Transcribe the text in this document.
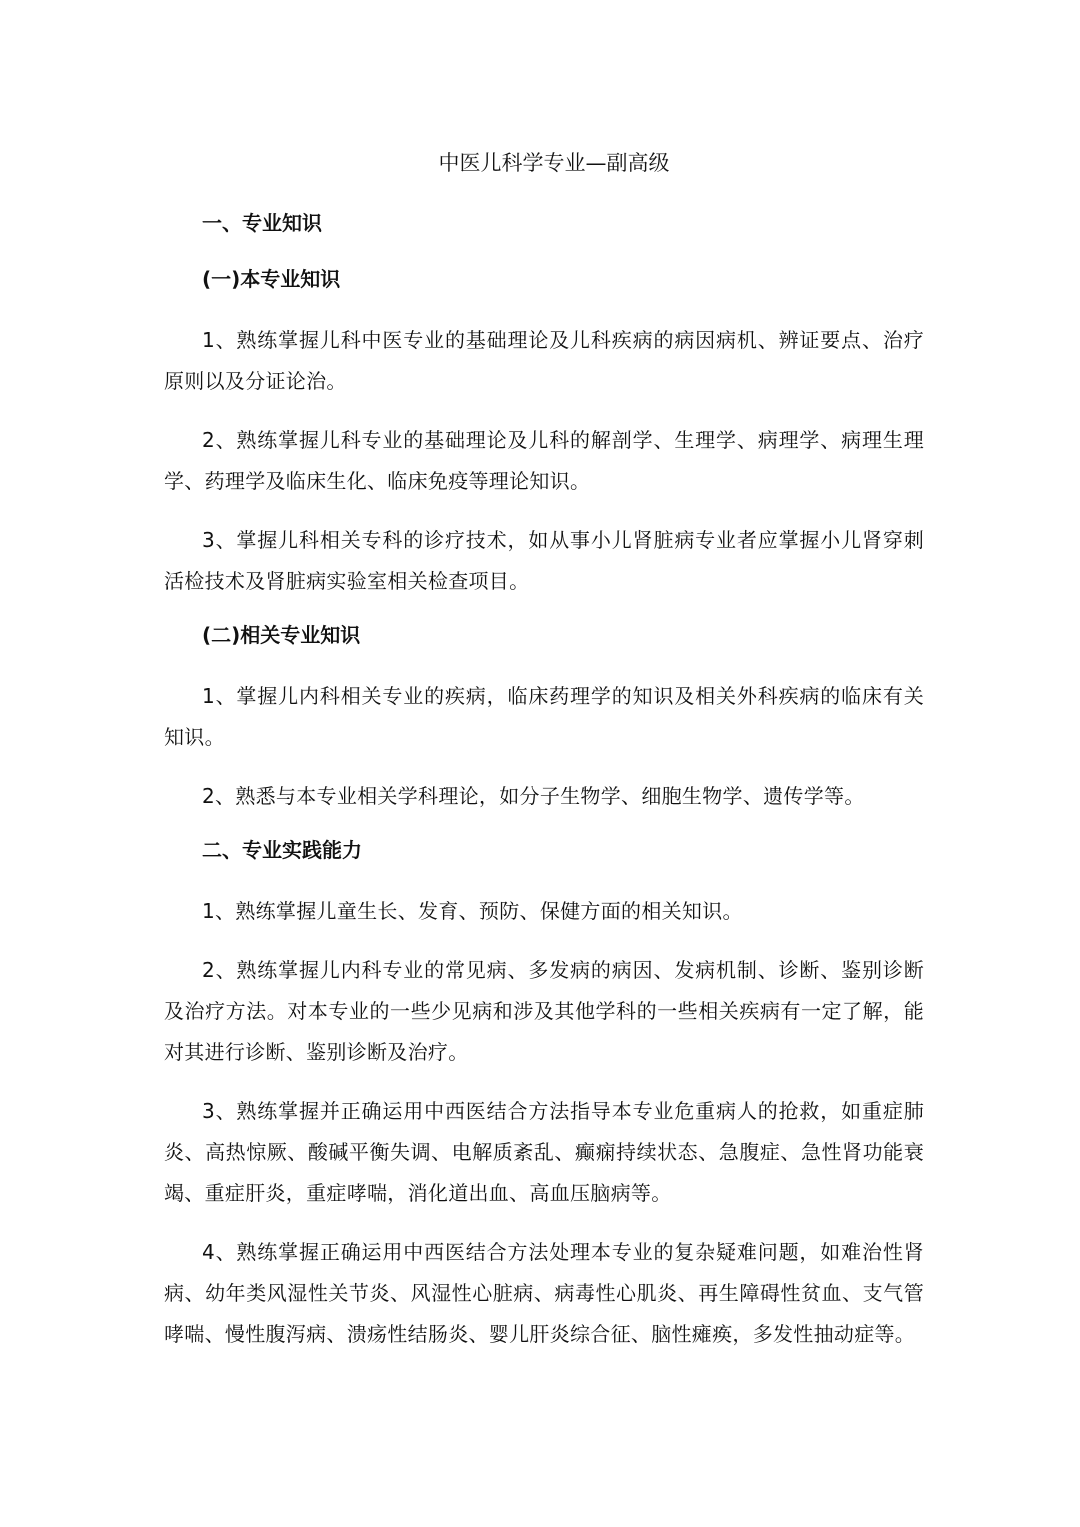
中医儿科学专业—副高级
一、专业知识
(一)本专业知识

1、熟练掌握儿科中医专业的基础理论及儿科疾病的病因病机、辨证要点、治疗原则以及分证论治。

2、熟练掌握儿科专业的基础理论及儿科的解剖学、生理学、病理学、病理生理学、药理学及临床生化、临床免疫等理论知识。

3、掌握儿科相关专科的诊疗技术，如从事小儿肾脏病专业者应掌握小儿肾穿刺活检技术及肾脏病实验室相关检查项目。

(二)相关专业知识

1、掌握儿内科相关专业的疾病，临床药理学的知识及相关外科疾病的临床有关知识。

2、熟悉与本专业相关学科理论，如分子生物学、细胞生物学、遗传学等。

二、专业实践能力

1、熟练掌握儿童生长、发育、预防、保健方面的相关知识。

2、熟练掌握儿内科专业的常见病、多发病的病因、发病机制、诊断、鉴别诊断及治疗方法。对本专业的一些少见病和涉及其他学科的一些相关疾病有一定了解，能对其进行诊断、鉴别诊断及治疗。

3、熟练掌握并正确运用中西医结合方法指导本专业危重病人的抢救，如重症肺炎、高热惊厥、酸碱平衡失调、电解质紊乱、癫痫持续状态、急腹症、急性肾功能衰竭、重症肝炎，重症哮喘，消化道出血、高血压脑病等。

4、熟练掌握正确运用中西医结合方法处理本专业的复杂疑难问题，如难治性肾病、幼年类风湿性关节炎、风湿性心脏病、病毒性心肌炎、再生障碍性贫血、支气管哮喘、慢性腹泻病、溃疡性结肠炎、婴儿肝炎综合征、脑性瘫痪，多发性抽动症等。
